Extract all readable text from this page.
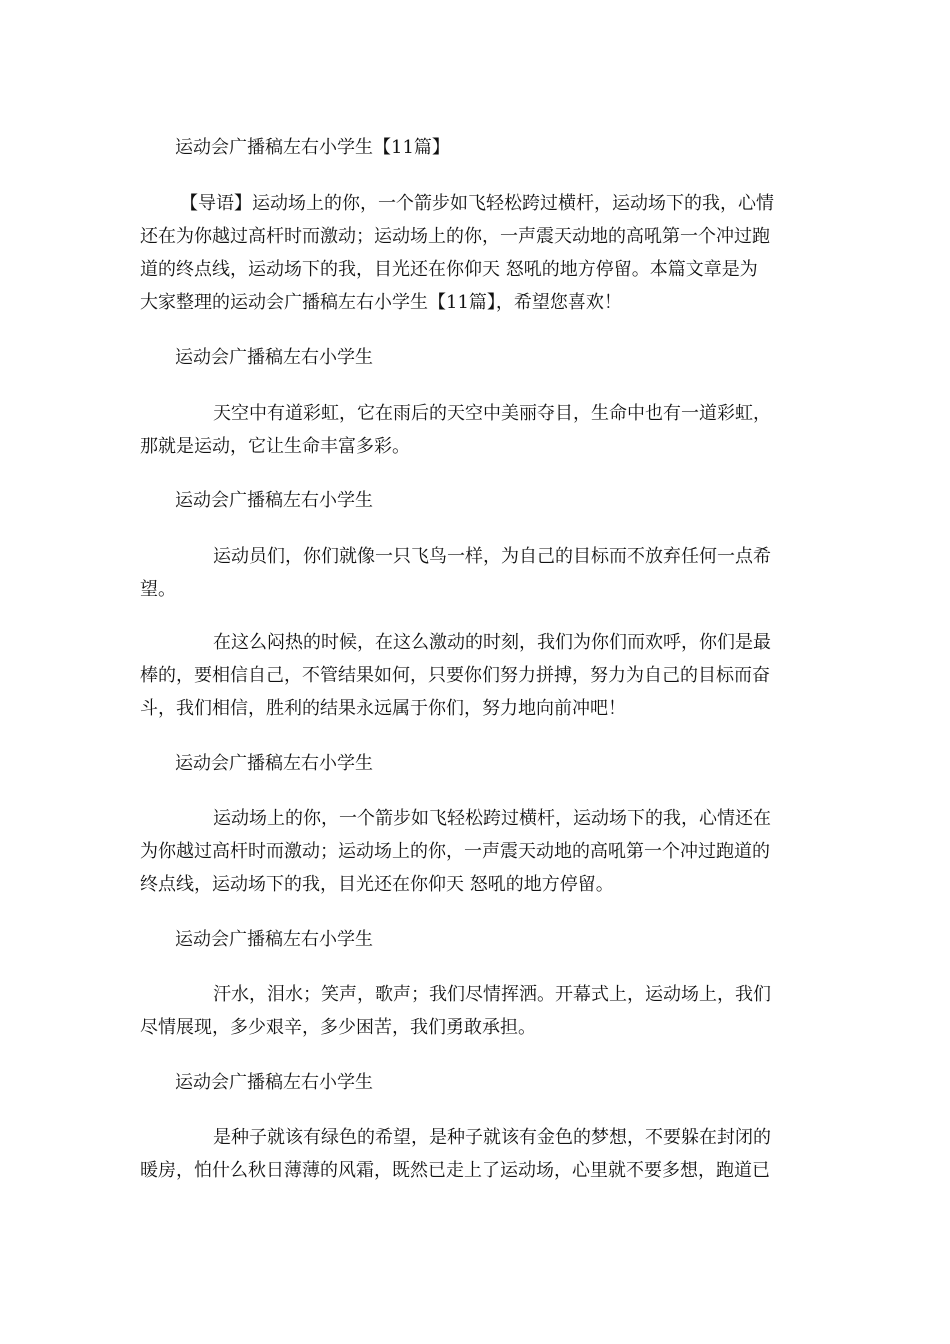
运动会广播稿左右小学生【11篇】
【导语】运动场上的你，一个箭步如飞轻松跨过横杆，运动场下的我，心情
还在为你越过高杆时而激动；运动场上的你，一声震天动地的高吼第一个冲过跑
道的终点线，运动场下的我，目光还在你仰天 怒吼的地方停留。本篇文章是为
大家整理的运动会广播稿左右小学生【11篇】，希望您喜欢！
运动会广播稿左右小学生
天空中有道彩虹，它在雨后的天空中美丽夺目，生命中也有一道彩虹，
那就是运动，它让生命丰富多彩。
运动会广播稿左右小学生
运动员们，你们就像一只飞鸟一样，为自己的目标而不放弃任何一点希
望。
在这么闷热的时候，在这么激动的时刻，我们为你们而欢呼，你们是最
棒的，要相信自己，不管结果如何，只要你们努力拼搏，努力为自己的目标而奋
斗，我们相信，胜利的结果永远属于你们，努力地向前冲吧！
运动会广播稿左右小学生
运动场上的你，一个箭步如飞轻松跨过横杆，运动场下的我，心情还在
为你越过高杆时而激动；运动场上的你，一声震天动地的高吼第一个冲过跑道的
终点线，运动场下的我，目光还在你仰天 怒吼的地方停留。
运动会广播稿左右小学生
汗水，泪水；笑声，歌声；我们尽情挥洒。开幕式上，运动场上，我们
尽情展现，多少艰辛，多少困苦，我们勇敢承担。
运动会广播稿左右小学生
是种子就该有绿色的希望，是种子就该有金色的梦想，不要躲在封闭的
暖房，怕什么秋日薄薄的风霜，既然已走上了运动场，心里就不要多想，跑道已
